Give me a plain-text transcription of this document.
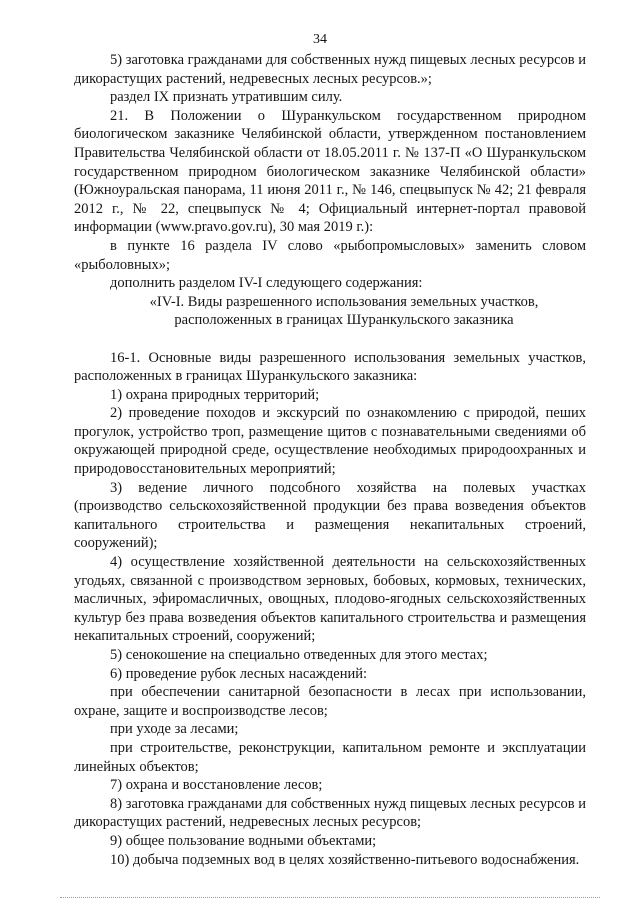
34

5) заготовка гражданами для собственных нужд пищевых лесных ресурсов и дикорастущих растений, недревесных лесных ресурсов.»;

раздел IX признать утратившим силу.

21. В Положении о Шуранкульском государственном природном биологическом заказнике Челябинской области, утвержденном постановлением Правительства Челябинской области от 18.05.2011 г. № 137-П «О Шуранкульском государственном природном биологическом заказнике Челябинской области» (Южноуральская панорама, 11 июня 2011 г., № 146, спецвыпуск № 42; 21 февраля 2012 г., № 22, спецвыпуск № 4; Официальный интернет-портал правовой информации (www.pravo.gov.ru), 30 мая 2019 г.):

в пункте 16 раздела IV слово «рыбопромысловых» заменить словом «рыболовных»;

дополнить разделом IV-I следующего содержания:

«IV-I. Виды разрешенного использования земельных участков,

расположенных в границах Шуранкульского заказника

16-1. Основные виды разрешенного использования земельных участков, расположенных в границах Шуранкульского заказника:

1) охрана природных территорий;

2) проведение походов и экскурсий по ознакомлению с природой, пеших прогулок, устройство троп, размещение щитов с познавательными сведениями об окружающей природной среде, осуществление необходимых природоохранных и природовосстановительных мероприятий;

3) ведение личного подсобного хозяйства на полевых участках (производство сельскохозяйственной продукции без права возведения объектов капитального строительства и размещения некапитальных строений, сооружений);

4) осуществление хозяйственной деятельности на сельскохозяйственных угодьях, связанной с производством зерновых, бобовых, кормовых, технических, масличных, эфиромасличных, овощных, плодово-ягодных сельскохозяйственных культур без права возведения объектов капитального строительства и размещения некапитальных строений, сооружений;

5) сенокошение на специально отведенных для этого местах;

6) проведение рубок лесных насаждений:

при обеспечении санитарной безопасности в лесах при использовании, охране, защите и воспроизводстве лесов;

при уходе за лесами;

при строительстве, реконструкции, капитальном ремонте и эксплуатации линейных объектов;

7) охрана и восстановление лесов;

8) заготовка гражданами для собственных нужд пищевых лесных ресурсов и дикорастущих растений, недревесных лесных ресурсов;

9) общее пользование водными объектами;

10) добыча подземных вод в целях хозяйственно-питьевого водоснабжения.
